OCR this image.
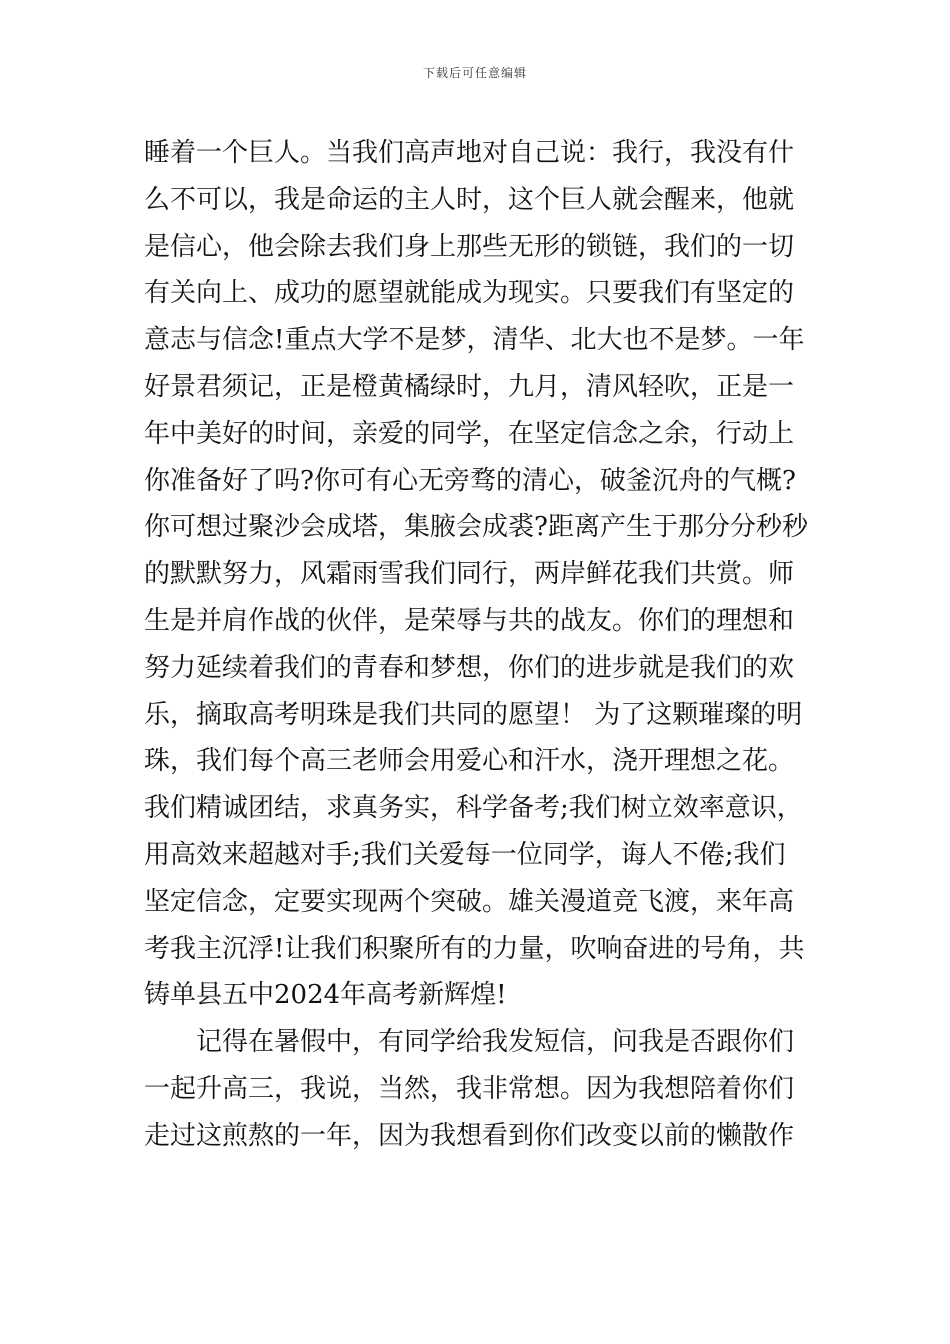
下载后可任意编辑
睡着一个巨人。当我们高声地对自己说：我行，我没有什
么不可以，我是命运的主人时，这个巨人就会醒来，他就
是信心，他会除去我们身上那些无形的锁链，我们的一切
有关向上、成功的愿望就能成为现实。只要我们有坚定的
意志与信念!重点大学不是梦，清华、北大也不是梦。一年
好景君须记，正是橙黄橘绿时，九月，清风轻吹，正是一
年中美好的时间，亲爱的同学，在坚定信念之余，行动上
你准备好了吗?你可有心无旁骛的清心，破釜沉舟的气概?
你可想过聚沙会成塔，集腋会成裘?距离产生于那分分秒秒
的默默努力，风霜雨雪我们同行，两岸鲜花我们共赏。师
生是并肩作战的伙伴，是荣辱与共的战友。你们的理想和
努力延续着我们的青春和梦想，你们的进步就是我们的欢
乐，摘取高考明珠是我们共同的愿望！ 为了这颗璀璨的明
珠，我们每个高三老师会用爱心和汗水，浇开理想之花。
我们精诚团结，求真务实，科学备考;我们树立效率意识，
用高效来超越对手;我们关爱每一位同学，诲人不倦;我们
坚定信念，定要实现两个突破。雄关漫道竞飞渡，来年高
考我主沉浮!让我们积聚所有的力量，吹响奋进的号角，共
铸单县五中2024年高考新辉煌!
记得在暑假中，有同学给我发短信，问我是否跟你们
一起升高三，我说，当然，我非常想。因为我想陪着你们
走过这煎熬的一年，因为我想看到你们改变以前的懒散作
